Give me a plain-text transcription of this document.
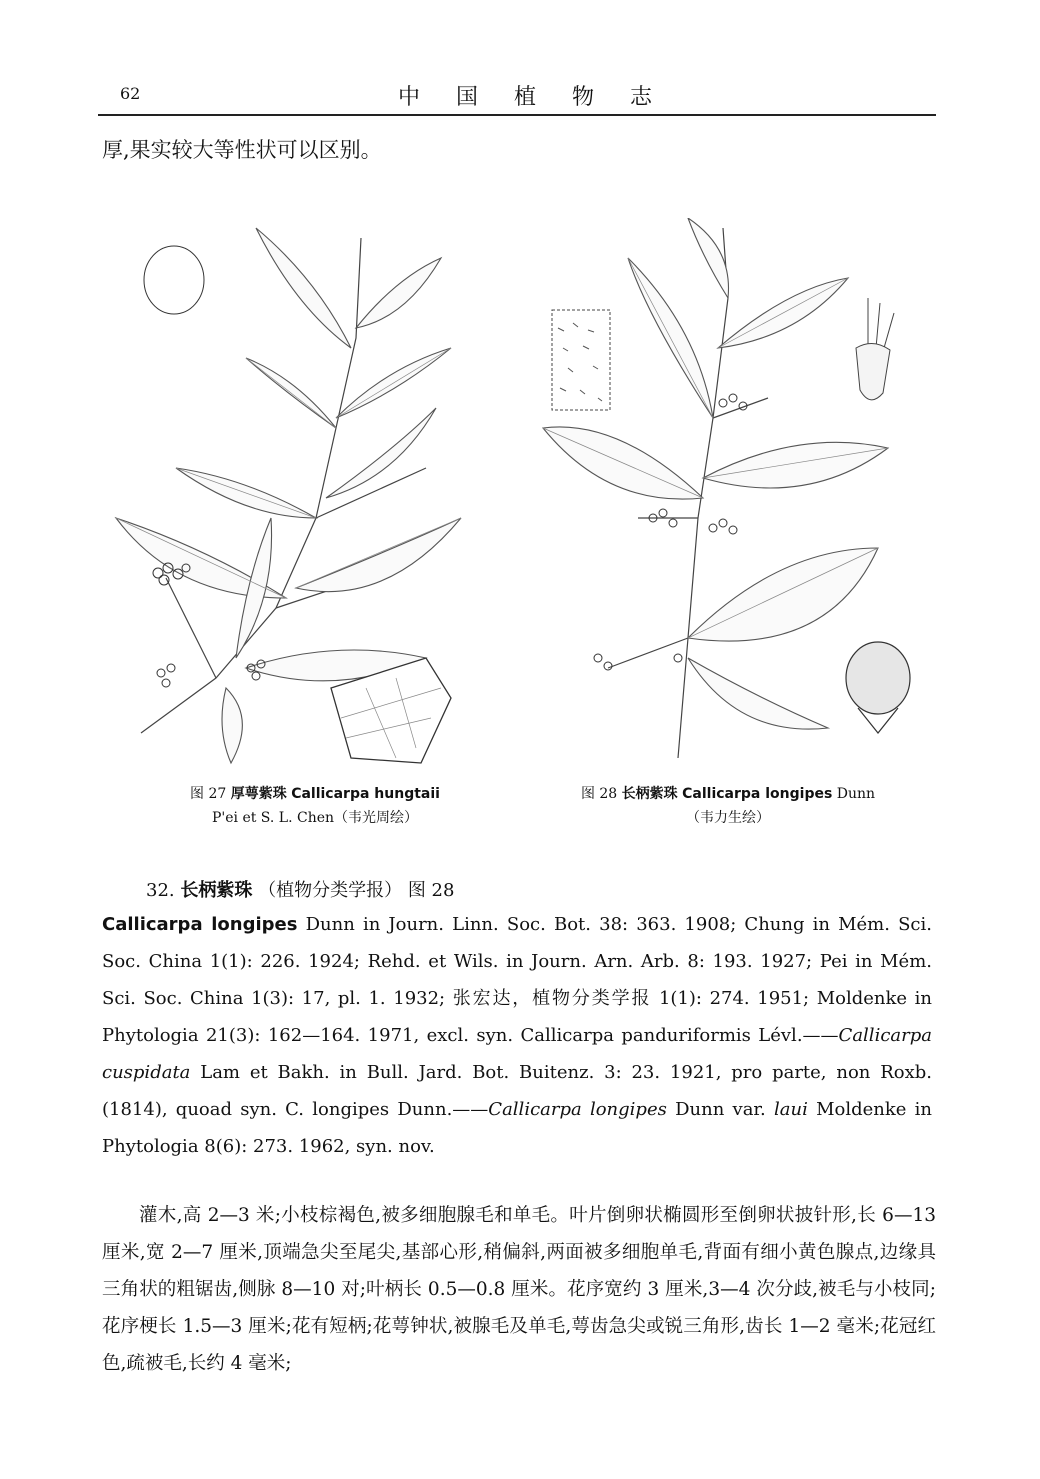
62	中国植物志
厚,果实较大等性状可以区别。
图 27 厚萼紫珠 Callicarpa hungtaii
P'ei et S. L. Chen（韦光周绘）
图 28 长柄紫珠 Callicarpa longipes Dunn
（韦力生绘）
32. 长柄紫珠 （植物分类学报） 图 28
Callicarpa longipes Dunn in Journ. Linn. Soc. Bot. 38: 363. 1908; Chung in Mém. Sci. Soc. China 1(1): 226. 1924; Rehd. et Wils. in Journ. Arn. Arb. 8: 193. 1927; Pei in Mém. Sci. Soc. China 1(3): 17, pl. 1. 1932; 张宏达，植物分类学报 1(1): 274. 1951; Moldenke in Phytologia 21(3): 162—164. 1971, excl. syn. Callicarpa panduriformis Lévl.——Callicarpa cuspidata Lam et Bakh. in Bull. Jard. Bot. Buitenz. 3: 23. 1921, pro parte, non Roxb. (1814), quoad syn. C. longipes Dunn.——Callicarpa longipes Dunn var. laui Moldenke in Phytologia 8(6): 273. 1962, syn. nov.
灌木,高 2—3 米;小枝棕褐色,被多细胞腺毛和单毛。叶片倒卵状椭圆形至倒卵状披针形,长 6—13 厘米,宽 2—7 厘米,顶端急尖至尾尖,基部心形,稍偏斜,两面被多细胞单毛,背面有细小黄色腺点,边缘具三角状的粗锯齿,侧脉 8—10 对;叶柄长 0.5—0.8 厘米。花序宽约 3 厘米,3—4 次分歧,被毛与小枝同;花序梗长 1.5—3 厘米;花有短柄;花萼钟状,被腺毛及单毛,萼齿急尖或锐三角形,齿长 1—2 毫米;花冠红色,疏被毛,长约 4 毫米;
